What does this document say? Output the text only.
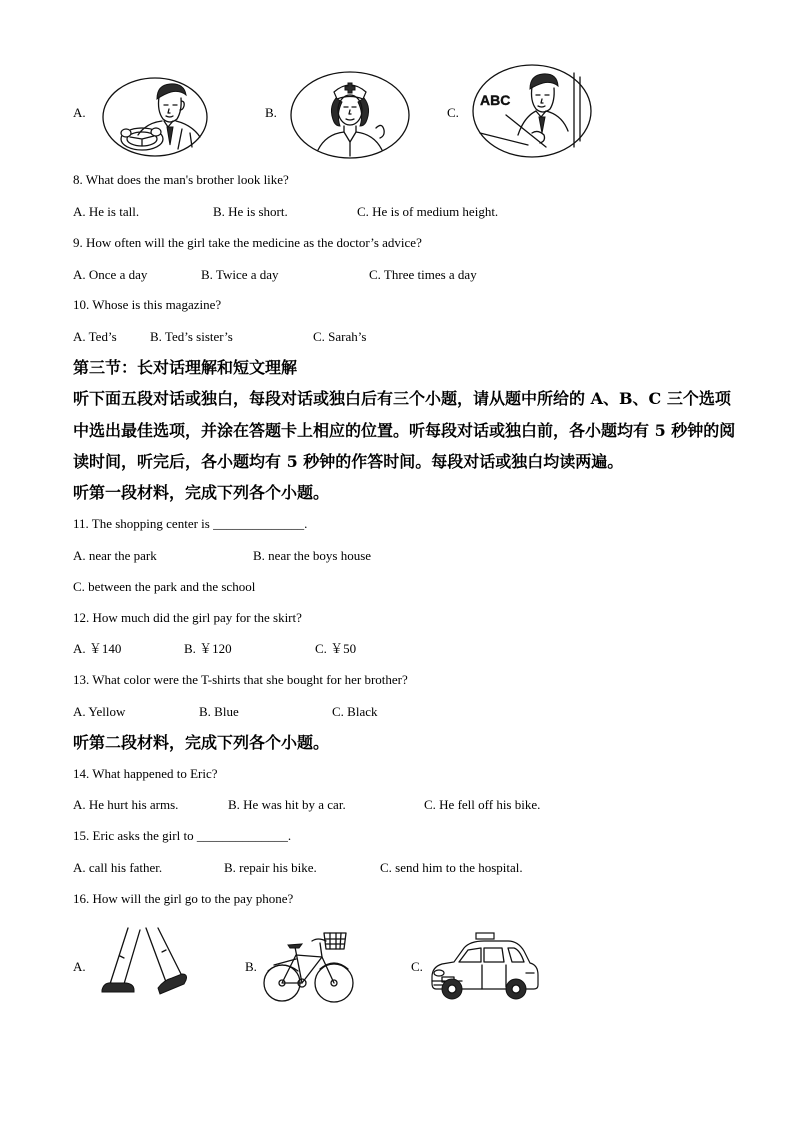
A.	B.	C.
ABC
8. What does the man's brother look like?
A. He is tall.	B. He is short.	C. He is of medium height.
9. How often will the girl take the medicine as the doctor’s advice?
A. Once a day	B. Twice a day	C. Three times a day
10. Whose is this magazine?
A. Ted’s	B. Ted’s sister’s	C. Sarah’s
第三节：长对话理解和短文理解
听下面五段对话或独白，每段对话或独白后有三个小题，请从题中所给的 A、B、C 三个选项
中选出最佳选项，并涂在答题卡上相应的位置。听每段对话或独白前，各小题均有 5 秒钟的阅
读时间，听完后，各小题均有 5 秒钟的作答时间。每段对话或独白均读两遍。
听第一段材料，完成下列各个小题。
11. The shopping center is ______________.
A. near the park	B. near the boys house
C. between the park and the school
12. How much did the girl pay for the skirt?
A. ￥140	B. ￥120	C. ￥50
13. What color were the T-shirts that she bought for her brother?
A. Yellow	B. Blue	C. Black
听第二段材料，完成下列各个小题。
14. What happened to Eric?
A. He hurt his arms.	B. He was hit by a car.	C. He fell off his bike.
15. Eric asks the girl to ______________.
A. call his father.	B. repair his bike.	C. send him to the hospital.
16. How will the girl go to the pay phone?
A.	B.	C.
